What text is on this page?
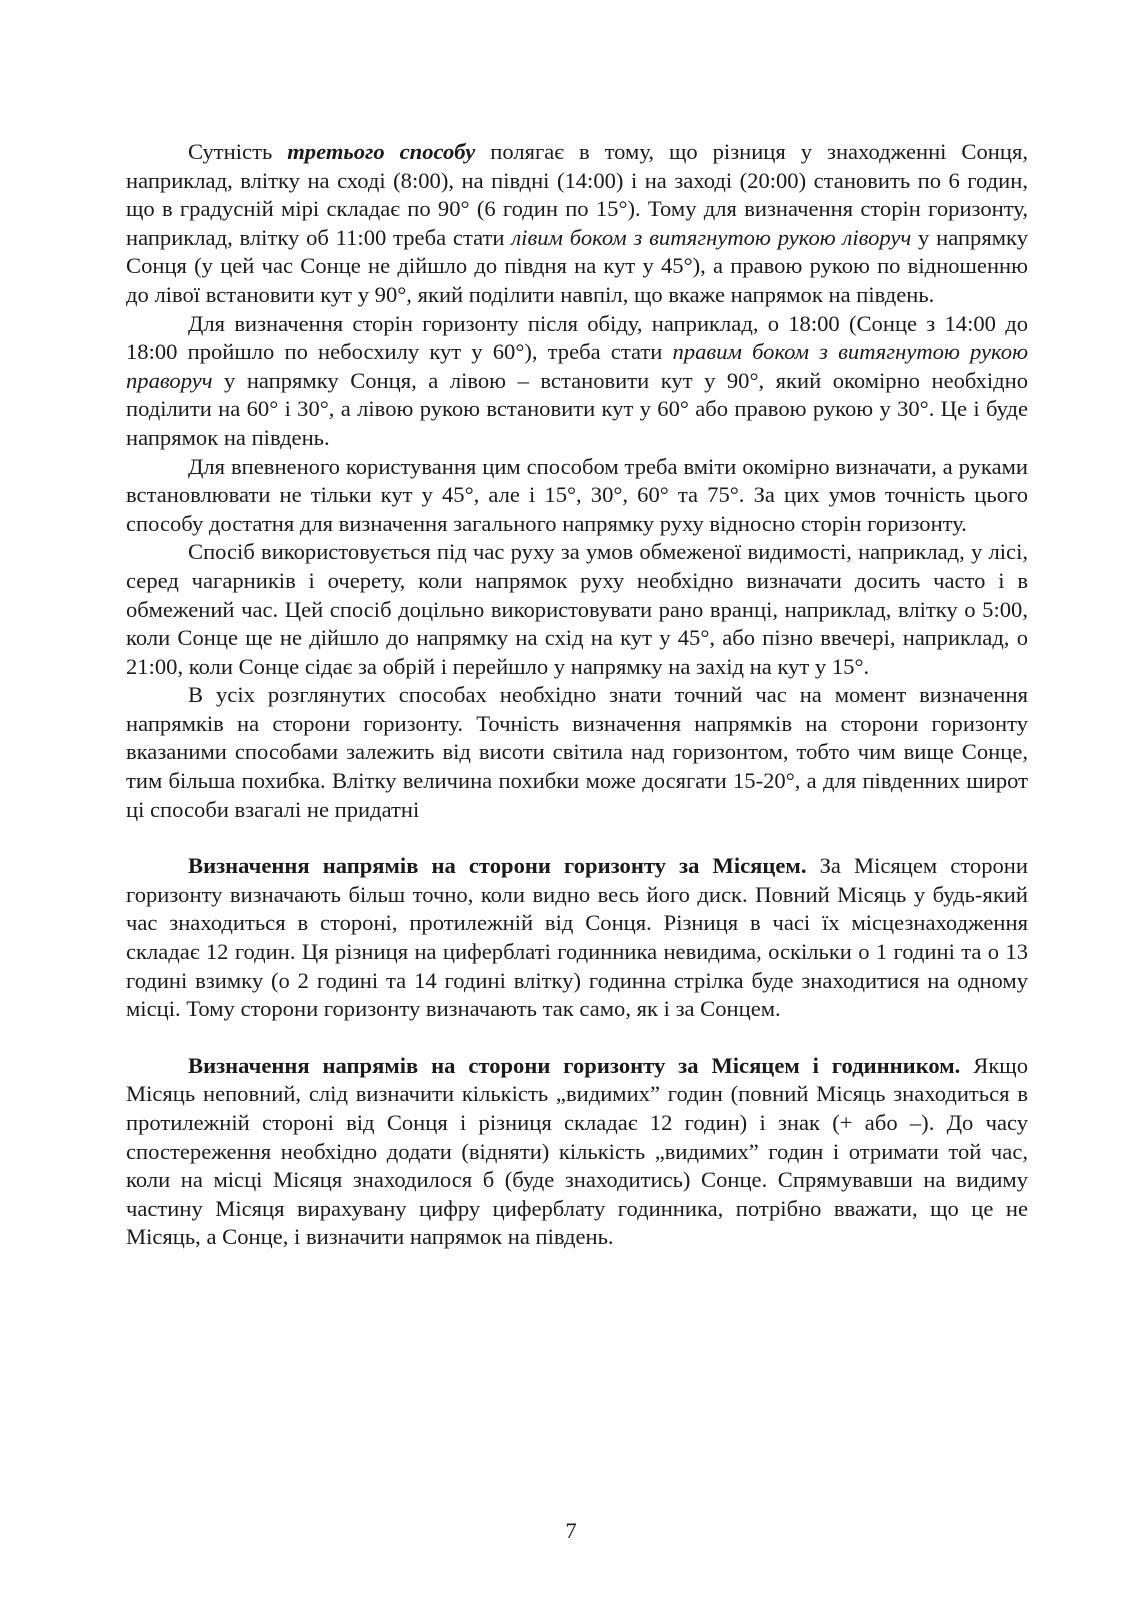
Сутність третього способу полягає в тому, що різниця у знаходженні Сонця, наприклад, влітку на сході (8:00), на півдні (14:00) і на заході (20:00) становить по 6 годин, що в градусній мірі складає по 90° (6 годин по 15°). Тому для визначення сторін горизонту, наприклад, влітку об 11:00 треба стати лівим боком з витягнутою рукою ліворуч у напрямку Сонця (у цей час Сонце не дійшло до півдня на кут у 45°), а правою рукою по відношенню до лівої встановити кут у 90°, який поділити навпіл, що вкаже напрямок на південь.

Для визначення сторін горизонту після обіду, наприклад, о 18:00 (Сонце з 14:00 до 18:00 пройшло по небосхилу кут у 60°), треба стати правим боком з витягнутою рукою праворуч у напрямку Сонця, а лівою – встановити кут у 90°, який окомірно необхідно поділити на 60° і 30°, а лівою рукою встановити кут у 60° або правою рукою у 30°. Це і буде напрямок на південь.

Для впевненого користування цим способом треба вміти окомірно визначати, а руками встановлювати не тільки кут у 45°, але і 15°, 30°, 60° та 75°. За цих умов точність цього способу достатня для визначення загального напрямку руху відносно сторін горизонту.

Спосіб використовується під час руху за умов обмеженої видимості, наприклад, у лісі, серед чагарників і очерету, коли напрямок руху необхідно визначати досить часто і в обмежений час. Цей спосіб доцільно використовувати рано вранці, наприклад, влітку о 5:00, коли Сонце ще не дійшло до напрямку на схід на кут у 45°, або пізно ввечері, наприклад, о 21:00, коли Сонце сідає за обрій і перейшло у напрямку на захід на кут у 15°.

В усіх розглянутих способах необхідно знати точний час на момент визначення напрямків на сторони горизонту. Точність визначення напрямків на сторони горизонту вказаними способами залежить від висоти світила над горизонтом, тобто чим вище Сонце, тим більша похибка. Влітку величина похибки може досягати 15-20°, а для південних широт ці способи взагалі не придатні

Визначення напрямів на сторони горизонту за Місяцем. За Місяцем сторони горизонту визначають більш точно, коли видно весь його диск. Повний Місяць у будь-який час знаходиться в стороні, протилежній від Сонця. Різниця в часі їх місцезнаходження складає 12 годин. Ця різниця на циферблаті годинника невидима, оскільки о 1 годині та о 13 годині взимку (о 2 годині та 14 годині влітку) годинна стрілка буде знаходитися на одному місці. Тому сторони горизонту визначають так само, як і за Сонцем.

Визначення напрямів на сторони горизонту за Місяцем і годинником. Якщо Місяць неповний, слід визначити кількість „видимих” годин (повний Місяць знаходиться в протилежній стороні від Сонця і різниця складає 12 годин) і знак (+ або –). До часу спостереження необхідно додати (відняти) кількість „видимих” годин і отримати той час, коли на місці Місяця знаходилося б (буде знаходитись) Сонце. Спрямувавши на видиму частину Місяця вирахувану цифру циферблату годинника, потрібно вважати, що це не Місяць, а Сонце, і визначити напрямок на південь.

7
